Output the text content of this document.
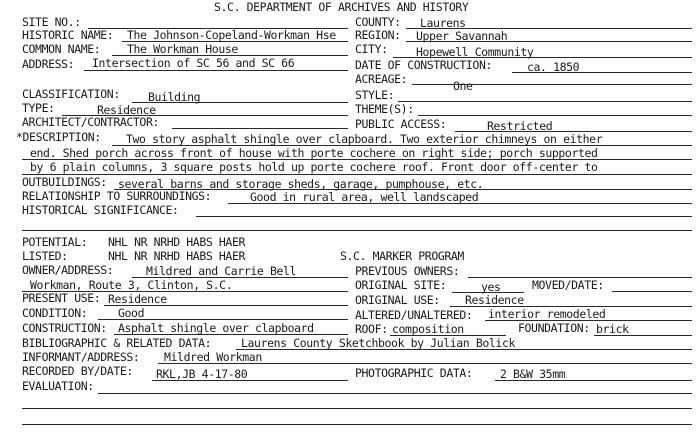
S.C. DEPARTMENT OF ARCHIVES AND HISTORY
SITE NO.:	COUNTY: Laurens
HISTORIC NAME: The Johnson-Copeland-Workman Hse REGION: Upper Savannah
COMMON NAME: The Workman House	CITY: Hopewell Community
ADDRESS: Intersection of SC 56 and SC 66	DATE OF CONSTRUCTION:	ca. 1850
ACREAGE:	One
CLASSIFICATION: Building	STYLE:
TYPE:	Residence	THEME(S):
ARCHITECT/CONTRACTOR:	PUBLIC ACCESS:	Restricted
*DESCRIPTION: Two story asphalt shingle over clapboard. Two exterior chimneys on either
end. Shed porch across front of house with porte cochere on right side; porch supported
by 6 plain columns, 3 square posts hold up porte cochere roof. Front door off-center to
OUTBUILDINGS: several barns and storage sheds, garage, pumphouse, etc.
RELATIONSHIP TO SURROUNDINGS:	Good in rural area, well landscaped
HISTORICAL SIGNIFICANCE:
POTENTIAL: NHL NR NRHD HABS HAER
LISTED:	NHL NR NRHD HABS HAER	S.C. MARKER PROGRAM
OWNER/ADDRESS:	Mildred and Carrie Bell	PREVIOUS OWNERS:
Workman, Route 3, Clinton, S.C.	ORIGINAL SITE:	yes	MOVED/DATE:
PRESENT USE: Residence	ORIGINAL USE: Residence
CONDITION:	Good	ALTERED/UNALTERED: interior remodeled
CONSTRUCTION: Asphalt shingle over clapboard	ROOF: composition	FOUNDATION: brick
BIBLIOGRAPHIC & RELATED DATA:	Laurens County Sketchbook by Julian Bolick
INFORMANT/ADDRESS: Mildred Workman
RECORDED BY/DATE: RKL,JB 4-17-80	PHOTOGRAPHIC DATA: 2 B&W 35mm
EVALUATION:
